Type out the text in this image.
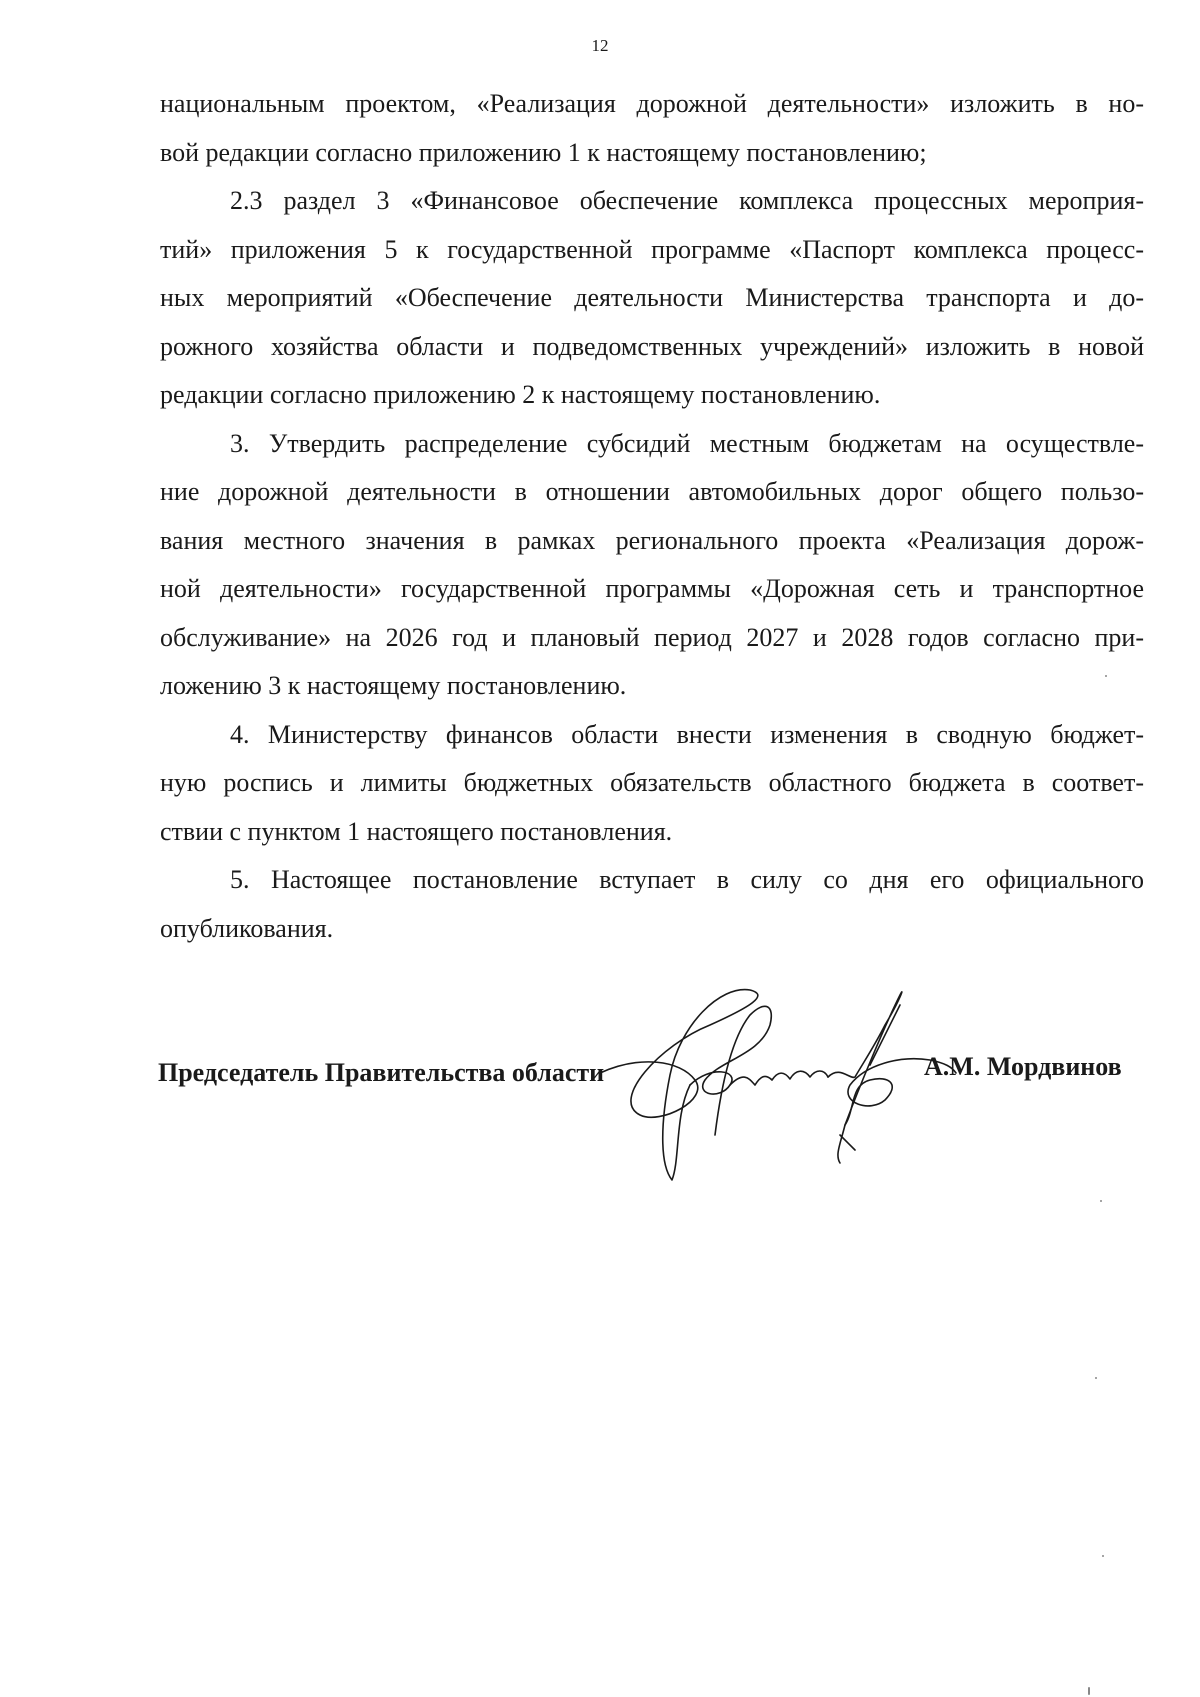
12

национальным проектом, «Реализация дорожной деятельности» изложить в но-
вой редакции согласно приложению 1 к настоящему постановлению;

2.3 раздел 3 «Финансовое обеспечение комплекса процессных мероприя-
тий» приложения 5 к государственной программе «Паспорт комплекса процесс-
ных мероприятий «Обеспечение деятельности Министерства транспорта и до-
рожного хозяйства области и подведомственных учреждений» изложить в новой
редакции согласно приложению 2 к настоящему постановлению.

3. Утвердить распределение субсидий местным бюджетам на осуществле-
ние дорожной деятельности в отношении автомобильных дорог общего пользо-
вания местного значения в рамках регионального проекта «Реализация дорож-
ной деятельности» государственной программы «Дорожная сеть и транспортное
обслуживание» на 2026 год и плановый период 2027 и 2028 годов согласно при-
ложению 3 к настоящему постановлению.

4. Министерству финансов области внести изменения в сводную бюджет-
ную роспись и лимиты бюджетных обязательств областного бюджета в соответ-
ствии с пунктом 1 настоящего постановления.

5. Настоящее постановление вступает в силу со дня его официального
опубликования.

Председатель Правительства области	А.М. Мордвинов
